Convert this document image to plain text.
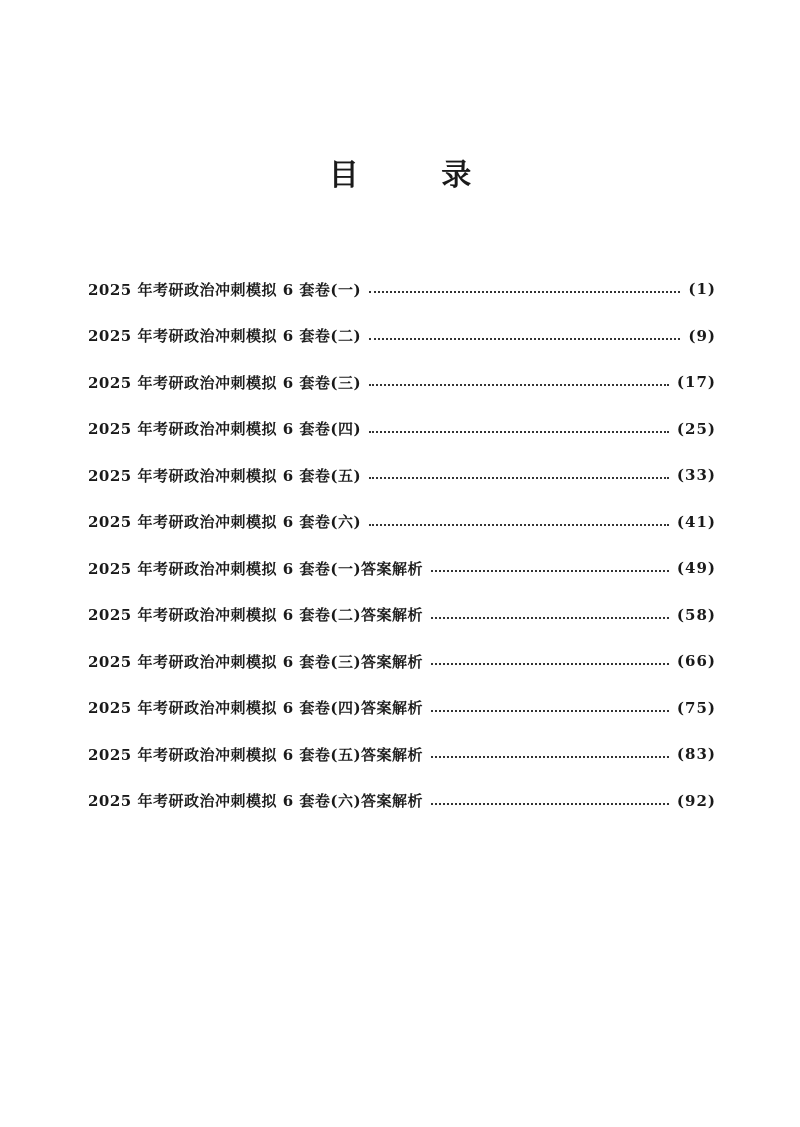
目 录
2025 年考研政治冲刺模拟 6 套卷(一)	(1)
2025 年考研政治冲刺模拟 6 套卷(二)	(9)
2025 年考研政治冲刺模拟 6 套卷(三)	(17)
2025 年考研政治冲刺模拟 6 套卷(四)	(25)
2025 年考研政治冲刺模拟 6 套卷(五)	(33)
2025 年考研政治冲刺模拟 6 套卷(六)	(41)
2025 年考研政治冲刺模拟 6 套卷(一)答案解析	(49)
2025 年考研政治冲刺模拟 6 套卷(二)答案解析	(58)
2025 年考研政治冲刺模拟 6 套卷(三)答案解析	(66)
2025 年考研政治冲刺模拟 6 套卷(四)答案解析	(75)
2025 年考研政治冲刺模拟 6 套卷(五)答案解析	(83)
2025 年考研政治冲刺模拟 6 套卷(六)答案解析	(92)
